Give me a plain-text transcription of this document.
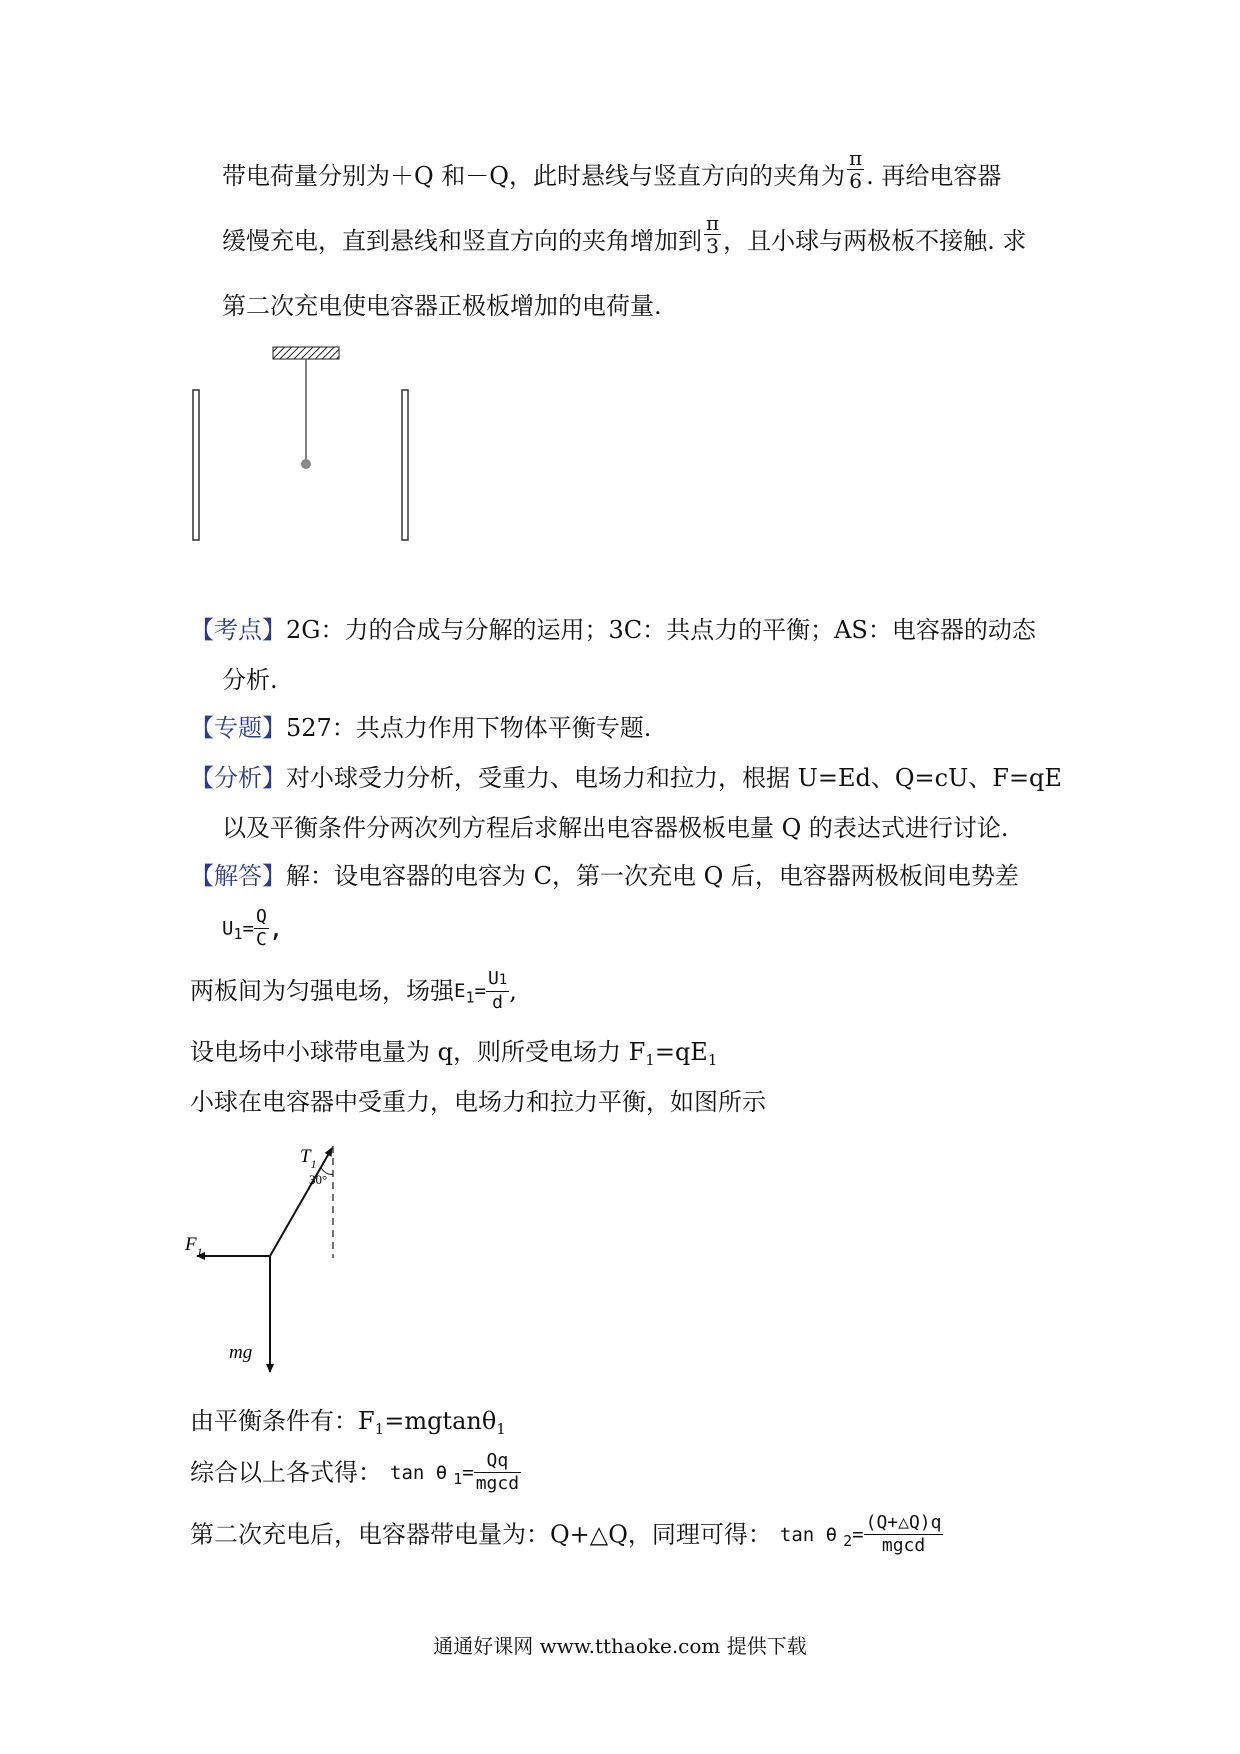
带电荷量分别为＋Q 和－Q，此时悬线与竖直方向的夹角为 $\frac{\pi}{6}$ . 再给电容器
缓慢充电，直到悬线和竖直方向的夹角增加到 $\frac{\pi}{3}$ ，且小球与两极板不接触. 求
第二次充电使电容器正极板增加的电荷量.
【考点】2G：力的合成与分解的运用；3C：共点力的平衡；AS：电容器的动态
分析.
【专题】527：共点力作用下物体平衡专题.
【分析】对小球受力分析，受重力、电场力和拉力，根据 U=Ed、Q=cU、F=qE
以及平衡条件分两次列方程后求解出电容器极板电量 Q 的表达式进行讨论.
【解答】解：设电容器的电容为 C，第一次充电 Q 后，电容器两极板间电势差
$U_1= \frac{Q}{C}$ ,
两板间为匀强电场，场强$E_1= \frac{U1}{d}$ ,
设电场中小球带电量为 q，则所受电场力 $F_1=qE_1$
小球在电容器中受重力，电场力和拉力平衡，如图所示
$T_1$
30°
$F_1$
mg
由平衡条件有：$F_1=mgtan\theta_1$
综合以上各式得： tan θ $_1= \frac{Qq}{mgcd}$
第二次充电后，电容器带电量为：Q+△Q，同理可得： tan θ $_2= \frac{(Q+\triangle Q)q}{mgcd}$
通通好课网 www.tthaoke.com 提供下载
